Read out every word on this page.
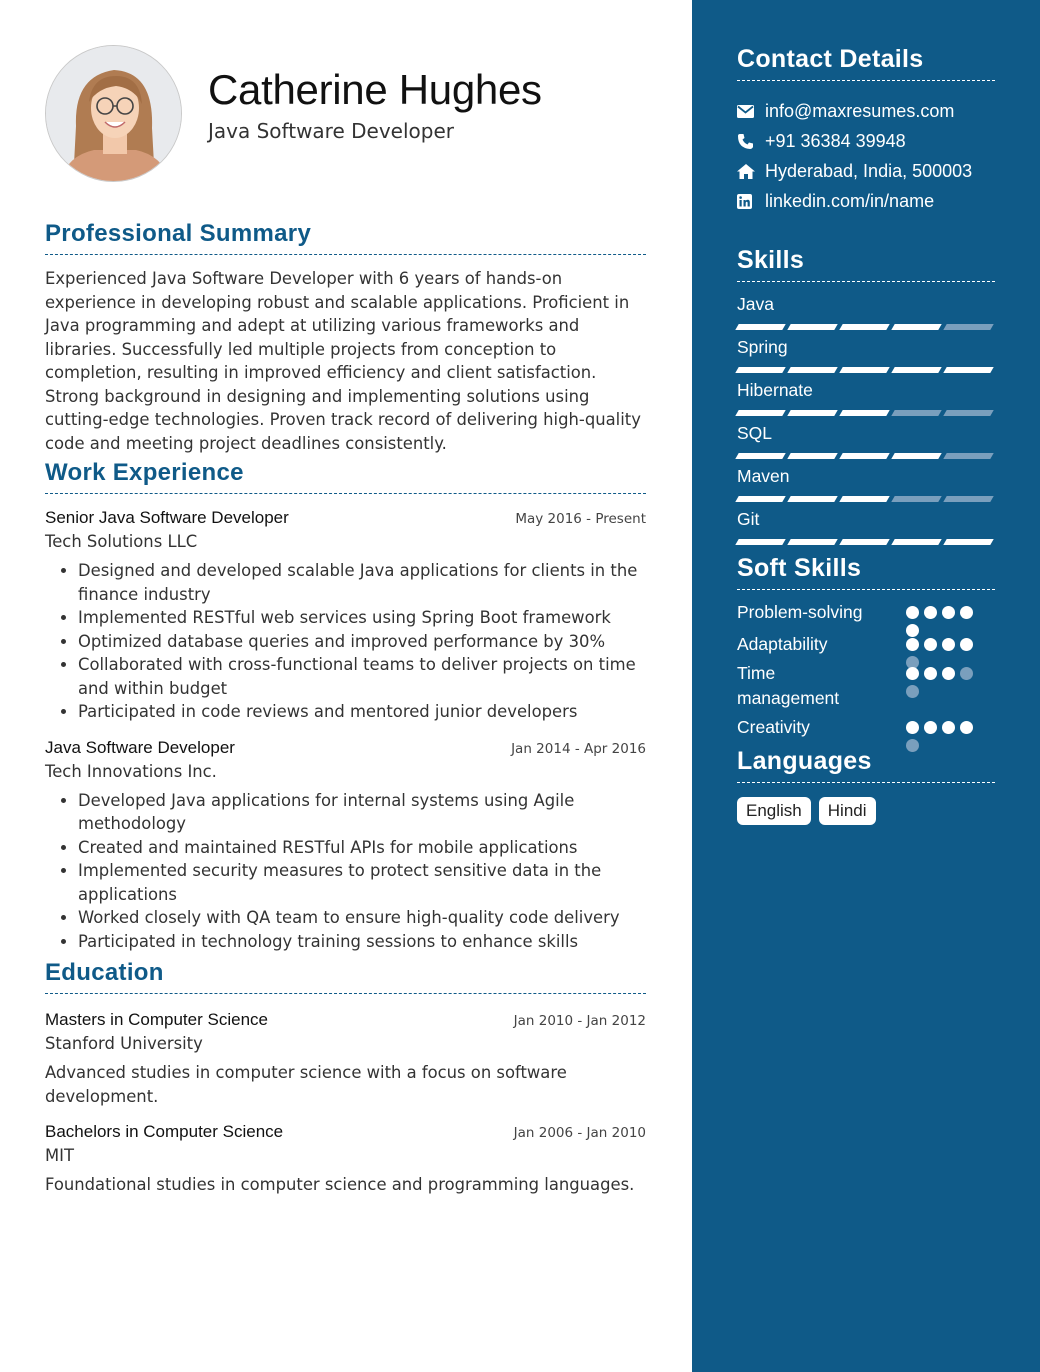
Catherine Hughes
Java Software Developer
Professional Summary
Experienced Java Software Developer with 6 years of hands-on experience in developing robust and scalable applications. Proficient in Java programming and adept at utilizing various frameworks and libraries. Successfully led multiple projects from conception to completion, resulting in improved efficiency and client satisfaction. Strong background in designing and implementing solutions using cutting-edge technologies. Proven track record of delivering high-quality code and meeting project deadlines consistently.
Work Experience
Senior Java Software Developer	May 2016 - Present
Tech Solutions LLC
• Designed and developed scalable Java applications for clients in the finance industry
• Implemented RESTful web services using Spring Boot framework
• Optimized database queries and improved performance by 30%
• Collaborated with cross-functional teams to deliver projects on time and within budget
• Participated in code reviews and mentored junior developers
Java Software Developer	Jan 2014 - Apr 2016
Tech Innovations Inc.
• Developed Java applications for internal systems using Agile methodology
• Created and maintained RESTful APIs for mobile applications
• Implemented security measures to protect sensitive data in the applications
• Worked closely with QA team to ensure high-quality code delivery
• Participated in technology training sessions to enhance skills
Education
Masters in Computer Science	Jan 2010 - Jan 2012
Stanford University
Advanced studies in computer science with a focus on software development.
Bachelors in Computer Science	Jan 2006 - Jan 2010
MIT
Foundational studies in computer science and programming languages.
Contact Details
info@maxresumes.com
+91 36384 39948
Hyderabad, India, 500003
linkedin.com/in/name
Skills
Java
Spring
Hibernate
SQL
Maven
Git
Soft Skills
Problem-solving
Adaptability
Time management
Creativity
Languages
English	Hindi
